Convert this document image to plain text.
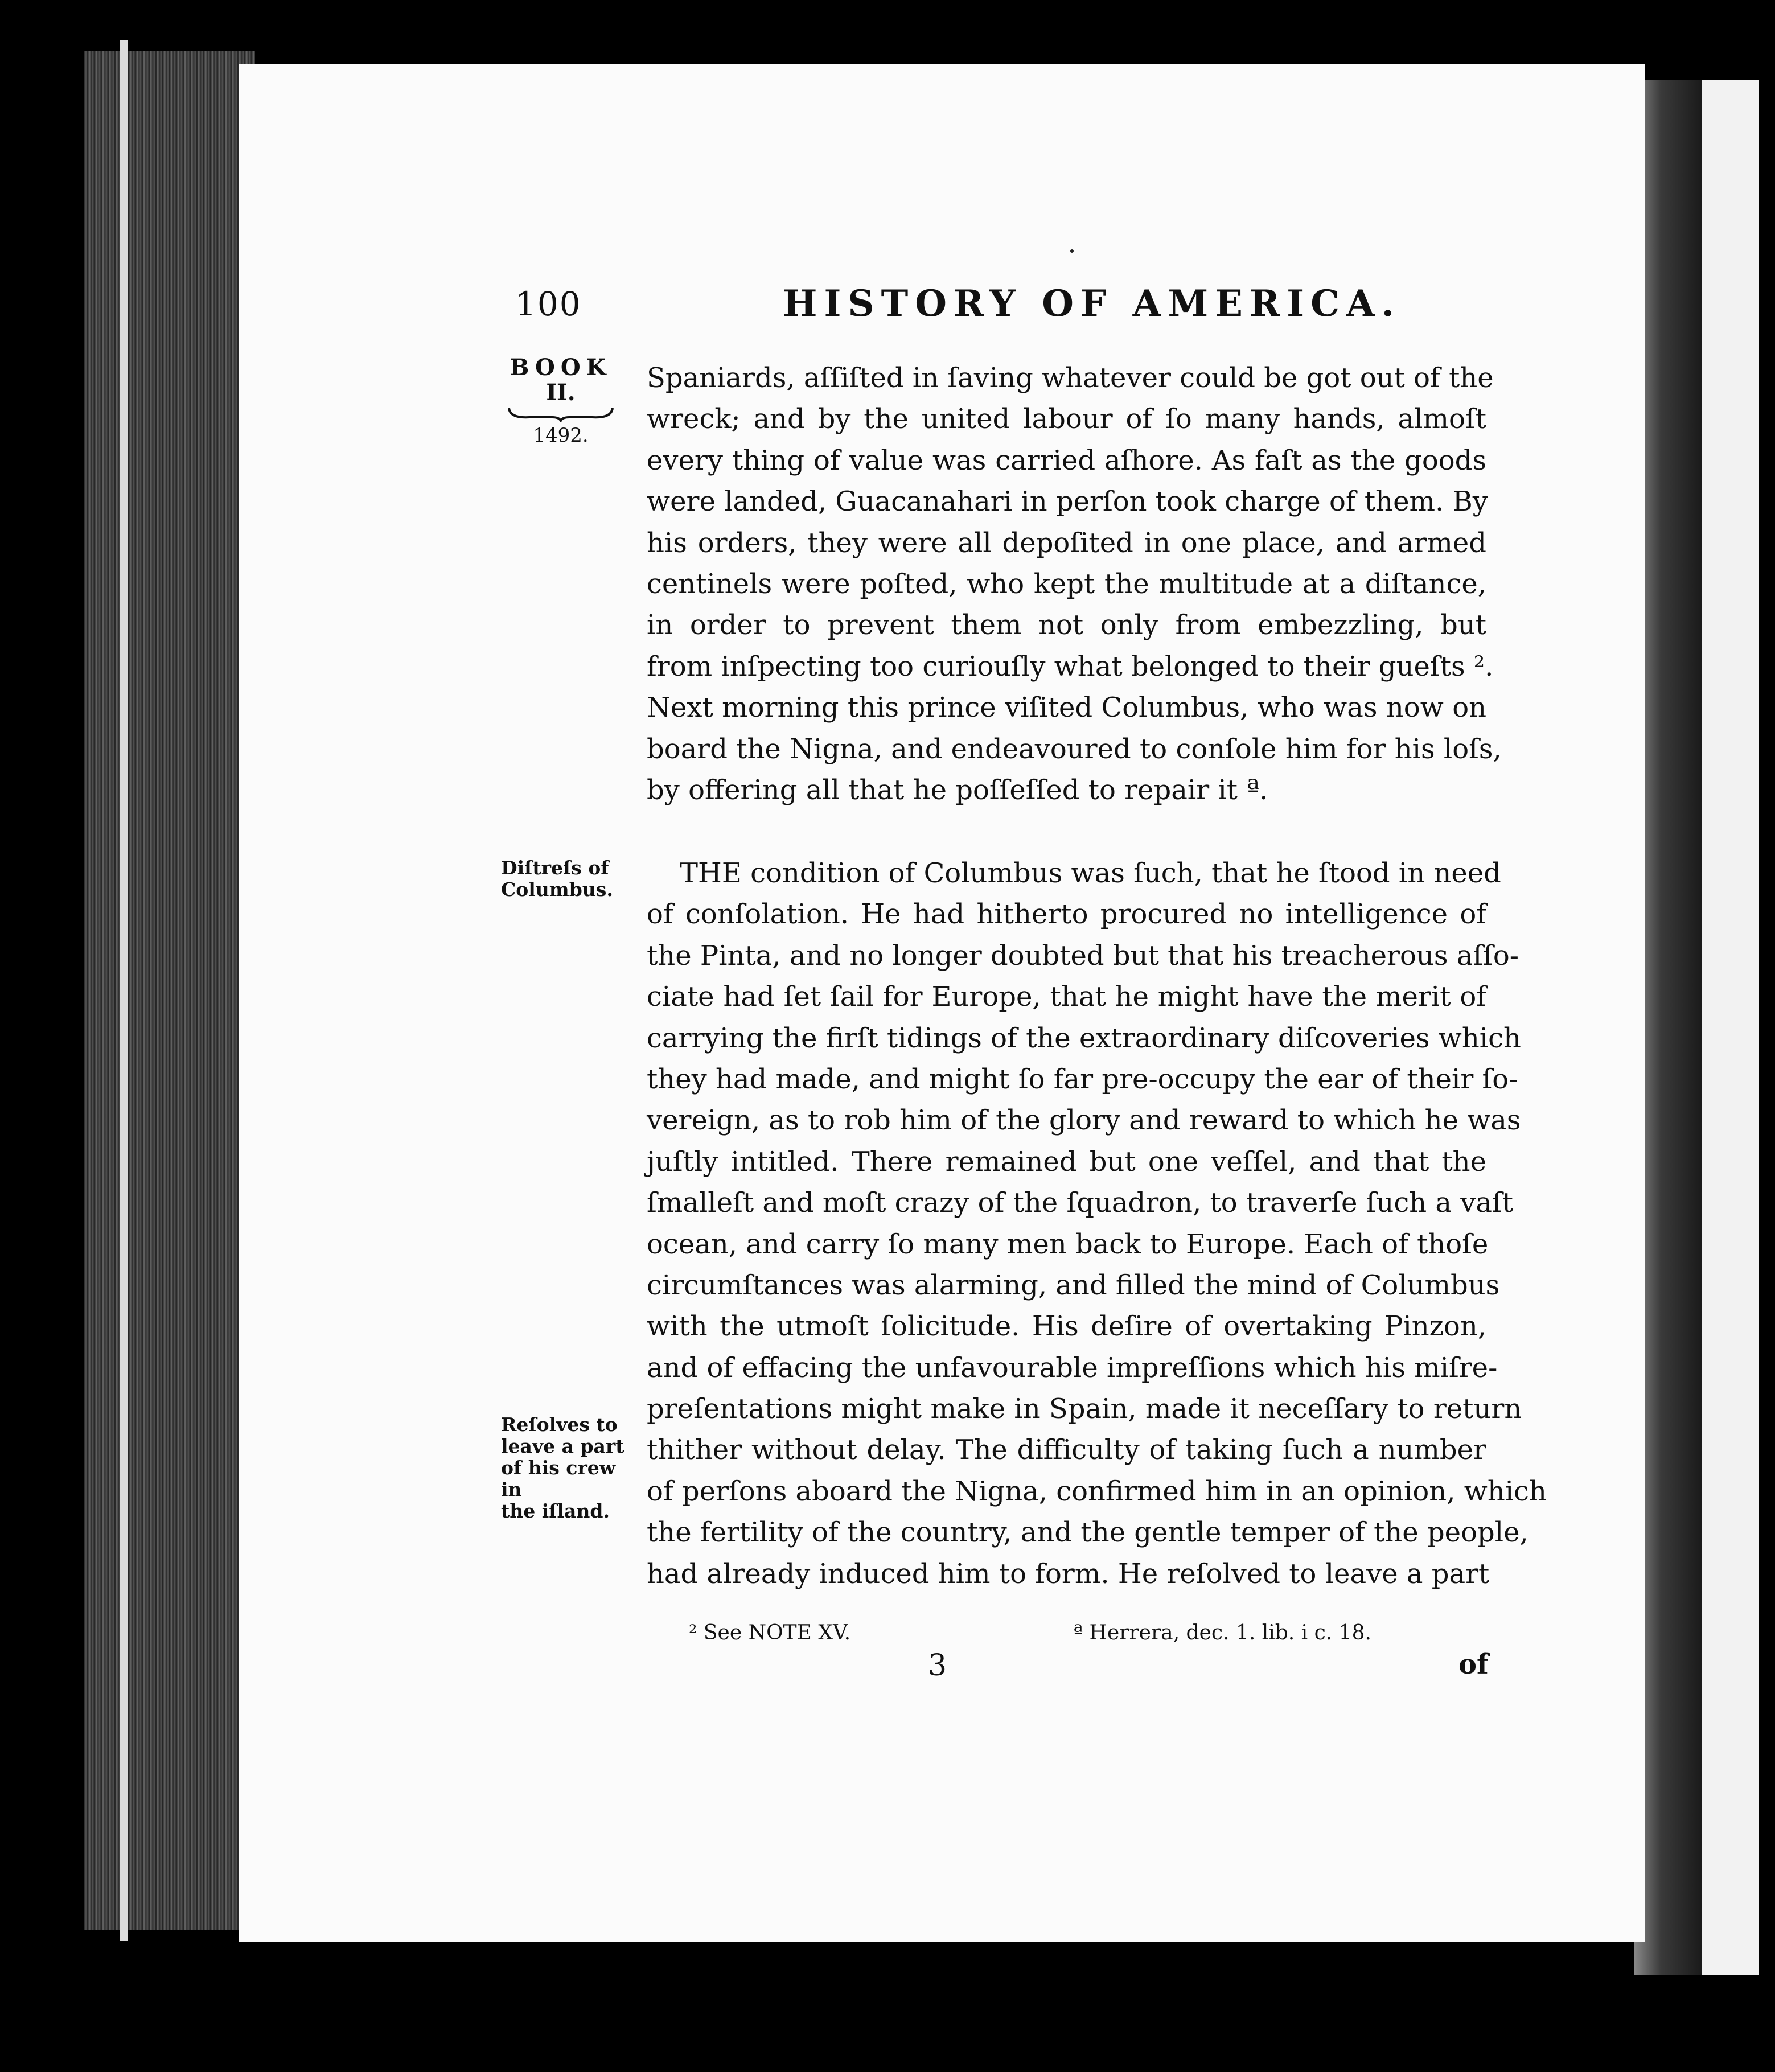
100	HISTORY OF AMERICA.
BOOK
II.
1492.
Diſtreſs of
Columbus.
Reſolves to
leave a part
of his crew in
the iſland.
Spaniards, aſſiſted in ſaving whatever could be got out of the
wreck; and by the united labour of ſo many hands, almoſt
every thing of value was carried aſhore. As faſt as the goods
were landed, Guacanahari in perſon took charge of them. By
his orders, they were all depoſited in one place, and armed
centinels were poſted, who kept the multitude at a diſtance,
in order to prevent them not only from embezzling, but
from inſpecting too curiouſly what belonged to their gueſts ².
Next morning this prince viſited Columbus, who was now on
board the Nigna, and endeavoured to conſole him for his loſs,
by offering all that he poſſeſſed to repair it ª.
THE condition of Columbus was ſuch, that he ſtood in need
of conſolation. He had hitherto procured no intelligence of
the Pinta, and no longer doubted but that his treacherous aſſo-
ciate had ſet ſail for Europe, that he might have the merit of
carrying the firſt tidings of the extraordinary diſcoveries which
they had made, and might ſo far pre-occupy the ear of their ſo-
vereign, as to rob him of the glory and reward to which he was
juſtly intitled. There remained but one veſſel, and that the
ſmalleſt and moſt crazy of the ſquadron, to traverſe ſuch a vaſt
ocean, and carry ſo many men back to Europe. Each of thoſe
circumſtances was alarming, and filled the mind of Columbus
with the utmoſt ſolicitude. His deſire of overtaking Pinzon,
and of effacing the unfavourable impreſſions which his miſre-
preſentations might make in Spain, made it neceſſary to return
thither without delay. The difficulty of taking ſuch a number
of perſons aboard the Nigna, confirmed him in an opinion, which
the fertility of the country, and the gentle temper of the people,
had already induced him to form. He reſolved to leave a part
² See NOTE XV.	ª Herrera, dec. 1. lib. i c. 18.
3	of
